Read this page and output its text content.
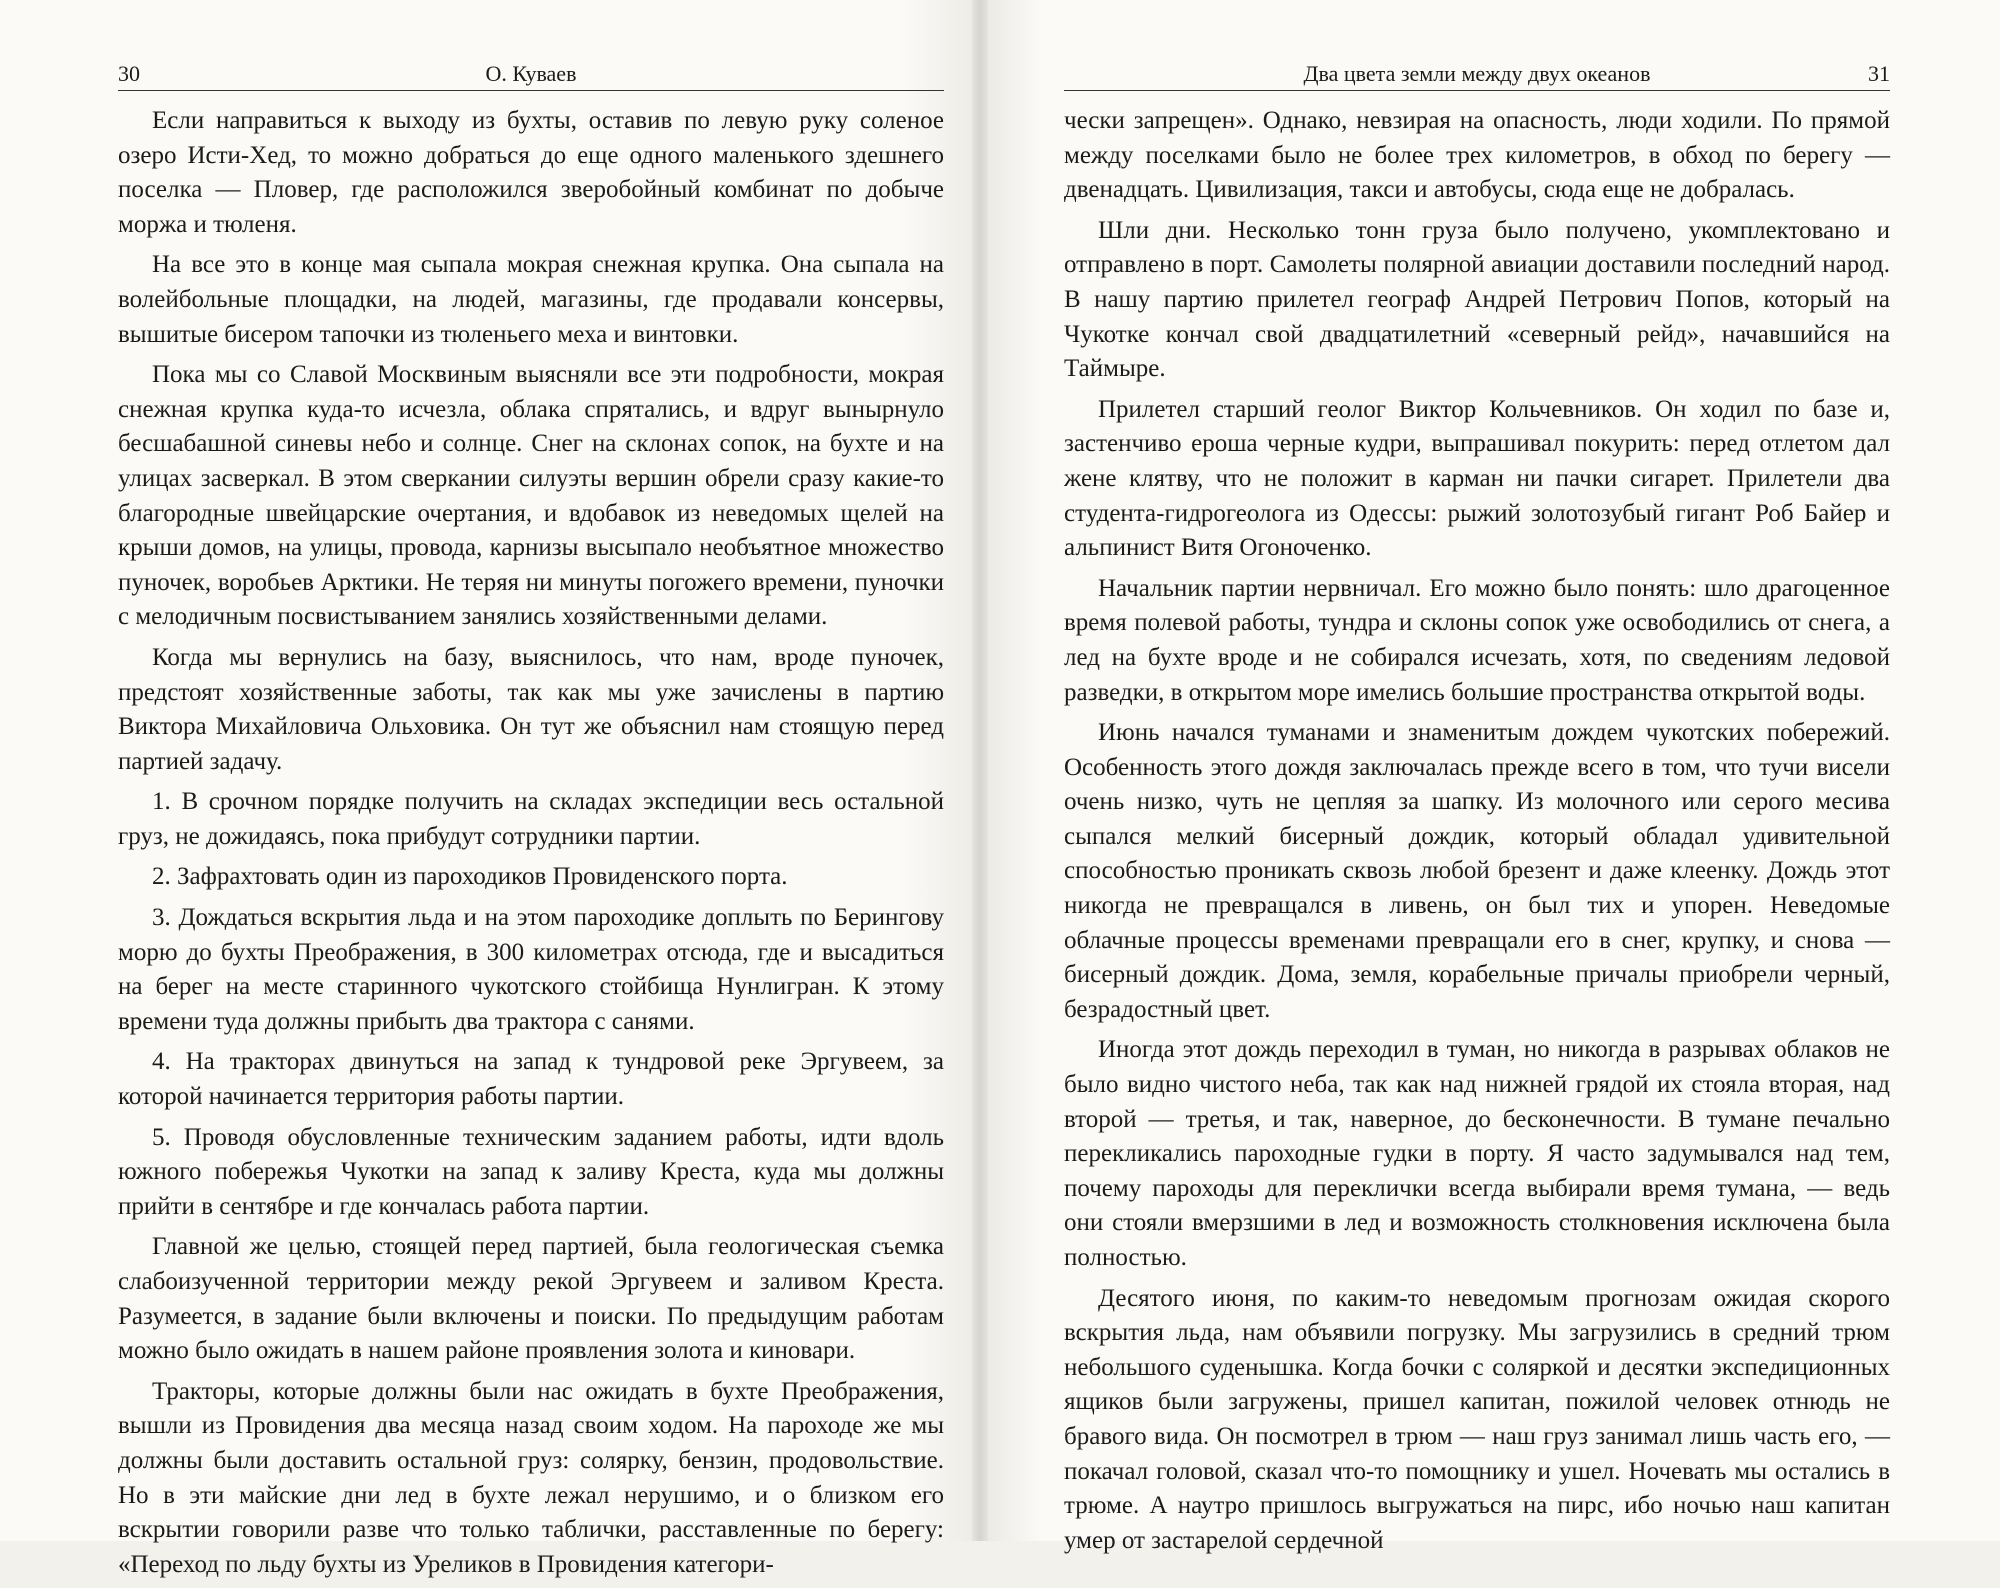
30	О. Куваев

Если направиться к выходу из бухты, оставив по левую руку соленое озеро Исти-Хед, то можно добраться до еще одного маленького здешнего поселка — Пловер, где расположился зверобойный комбинат по добыче моржа и тюленя.

На все это в конце мая сыпала мокрая снежная крупка. Она сыпала на волейбольные площадки, на людей, магазины, где продавали консервы, вышитые бисером тапочки из тюленьего меха и винтовки.

Пока мы со Славой Москвиным выясняли все эти подробности, мокрая снежная крупка куда-то исчезла, облака спрятались, и вдруг вынырнуло бесшабашной синевы небо и солнце. Снег на склонах сопок, на бухте и на улицах засверкал. В этом сверкании силуэты вершин обрели сразу какие-то благородные швейцарские очертания, и вдобавок из неведомых щелей на крыши домов, на улицы, провода, карнизы высыпало необъятное множество пуночек, воробьев Арктики. Не теряя ни минуты погожего времени, пуночки с мелодичным посвистыванием занялись хозяйственными делами.

Когда мы вернулись на базу, выяснилось, что нам, вроде пуночек, предстоят хозяйственные заботы, так как мы уже зачислены в партию Виктора Михайловича Ольховика. Он тут же объяснил нам стоящую перед партией задачу.

1. В срочном порядке получить на складах экспедиции весь остальной груз, не дожидаясь, пока прибудут сотрудники партии.

2. Зафрахтовать один из пароходиков Провиденского порта.

3. Дождаться вскрытия льда и на этом пароходике доплыть по Берингову морю до бухты Преображения, в 300 километрах отсюда, где и высадиться на берег на месте старинного чукотского стойбища Нунлигран. К этому времени туда должны прибыть два трактора с санями.

4. На тракторах двинуться на запад к тундровой реке Эргувеем, за которой начинается территория работы партии.

5. Проводя обусловленные техническим заданием работы, идти вдоль южного побережья Чукотки на запад к заливу Креста, куда мы должны прийти в сентябре и где кончалась работа партии.

Главной же целью, стоящей перед партией, была геологическая съемка слабоизученной территории между рекой Эргувеем и заливом Креста. Разумеется, в задание были включены и поиски. По предыдущим работам можно было ожидать в нашем районе проявления золота и киновари.

Тракторы, которые должны были нас ожидать в бухте Преображения, вышли из Провидения два месяца назад своим ходом. На пароходе же мы должны были доставить остальной груз: солярку, бензин, продовольствие. Но в эти майские дни лед в бухте лежал нерушимо, и о близком его вскрытии говорили разве что только таблички, расставленные по берегу: «Переход по льду бухты из Уреликов в Провидения категори-

Два цвета земли между двух океанов	31

чески запрещен». Однако, невзирая на опасность, люди ходили. По прямой между поселками было не более трех километров, в обход по берегу — двенадцать. Цивилизация, такси и автобусы, сюда еще не добралась.

Шли дни. Несколько тонн груза было получено, укомплектовано и отправлено в порт. Самолеты полярной авиации доставили последний народ. В нашу партию прилетел географ Андрей Петрович Попов, который на Чукотке кончал свой двадцатилетний «северный рейд», начавшийся на Таймыре.

Прилетел старший геолог Виктор Кольчевников. Он ходил по базе и, застенчиво ероша черные кудри, выпрашивал покурить: перед отлетом дал жене клятву, что не положит в карман ни пачки сигарет. Прилетели два студента-гидрогеолога из Одессы: рыжий золотозубый гигант Роб Байер и альпинист Витя Огоноченко.

Начальник партии нервничал. Его можно было понять: шло драгоценное время полевой работы, тундра и склоны сопок уже освободились от снега, а лед на бухте вроде и не собирался исчезать, хотя, по сведениям ледовой разведки, в открытом море имелись большие пространства открытой воды.

Июнь начался туманами и знаменитым дождем чукотских побережий. Особенность этого дождя заключалась прежде всего в том, что тучи висели очень низко, чуть не цепляя за шапку. Из молочного или серого месива сыпался мелкий бисерный дождик, который обладал удивительной способностью проникать сквозь любой брезент и даже клеенку. Дождь этот никогда не превращался в ливень, он был тих и упорен. Неведомые облачные процессы временами превращали его в снег, крупку, и снова — бисерный дождик. Дома, земля, корабельные причалы приобрели черный, безрадостный цвет.

Иногда этот дождь переходил в туман, но никогда в разрывах облаков не было видно чистого неба, так как над нижней грядой их стояла вторая, над второй — третья, и так, наверное, до бесконечности. В тумане печально перекликались пароходные гудки в порту. Я часто задумывался над тем, почему пароходы для переклички всегда выбирали время тумана, — ведь они стояли вмерзшими в лед и возможность столкновения исключена была полностью.

Десятого июня, по каким-то неведомым прогнозам ожидая скорого вскрытия льда, нам объявили погрузку. Мы загрузились в средний трюм небольшого суденышка. Когда бочки с соляркой и десятки экспедиционных ящиков были загружены, пришел капитан, пожилой человек отнюдь не бравого вида. Он посмотрел в трюм — наш груз занимал лишь часть его, — покачал головой, сказал что-то помощнику и ушел. Ночевать мы остались в трюме. А наутро пришлось выгружаться на пирс, ибо ночью наш капитан умер от застарелой сердечной
